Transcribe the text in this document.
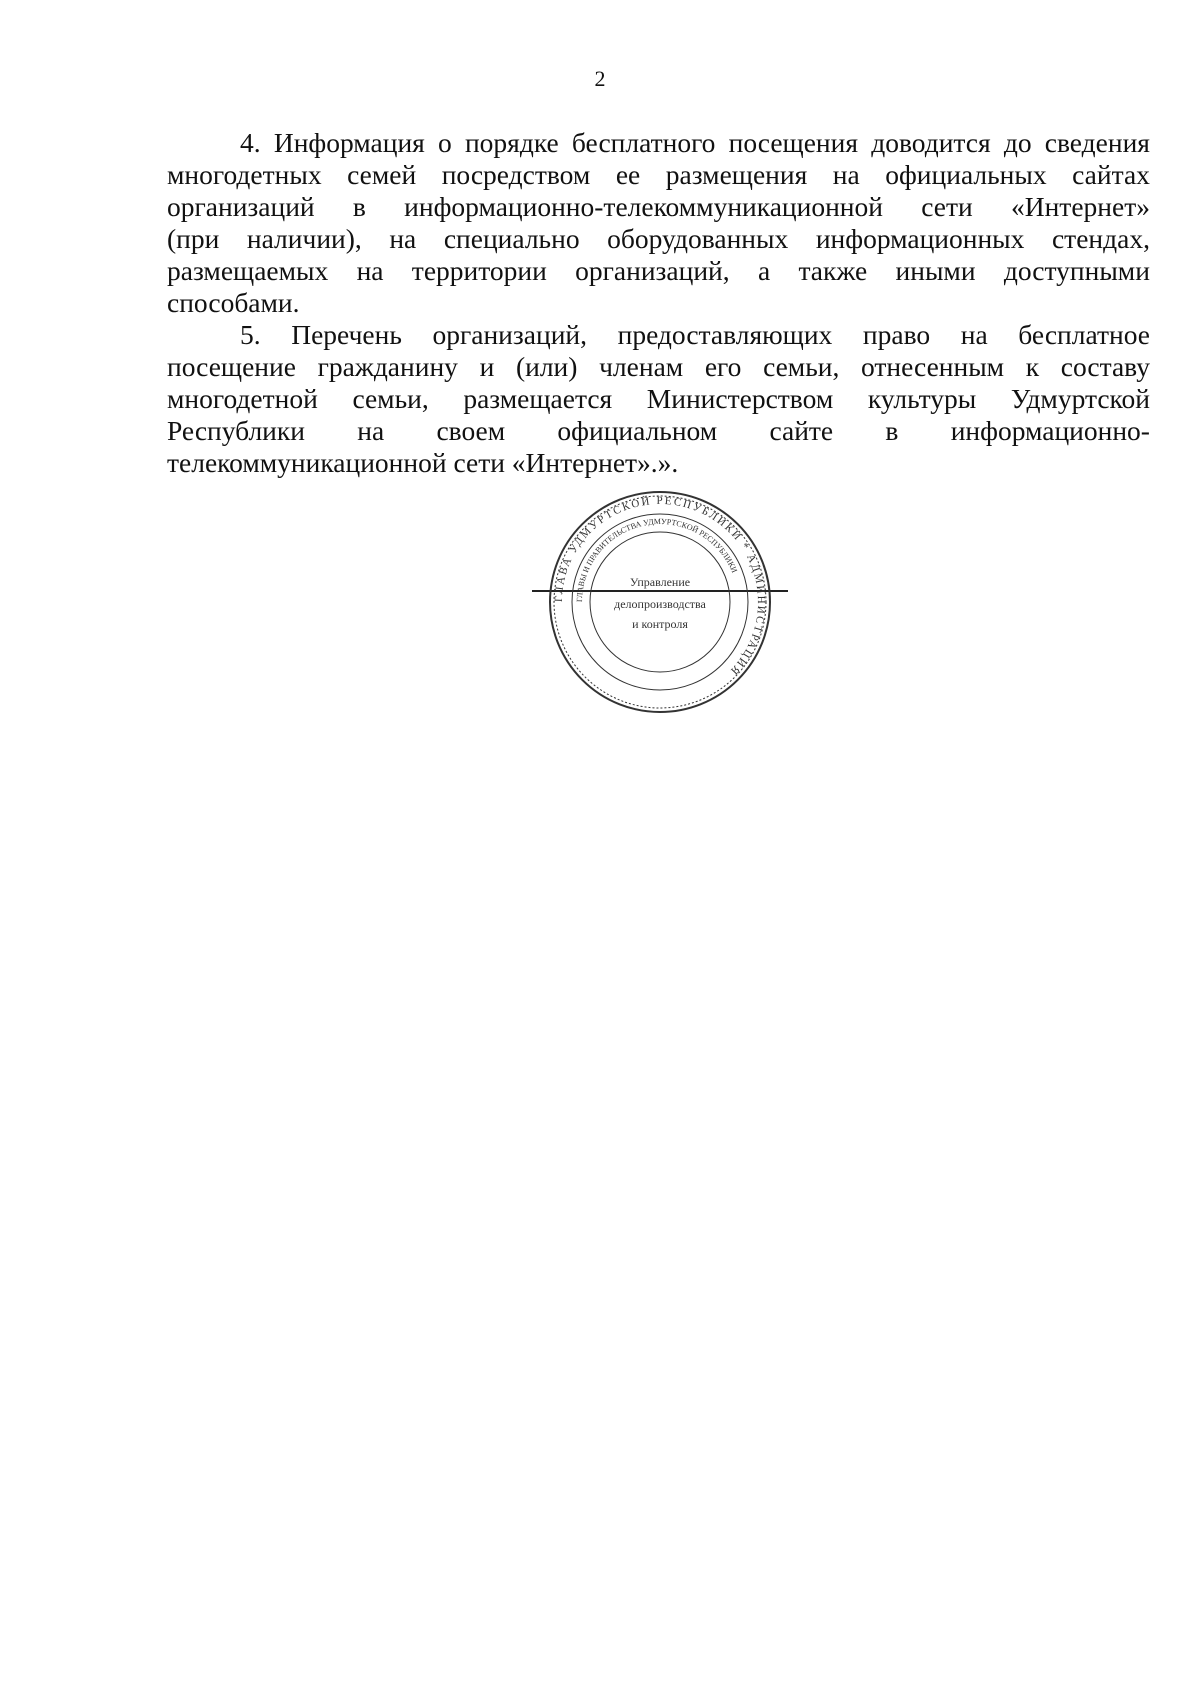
2
4. Информация о порядке бесплатного посещения доводится до сведения
многодетных семей посредством ее размещения на официальных сайтах
организаций в информационно-телекоммуникационной сети «Интернет»
(при наличии), на специально оборудованных информационных стендах,
размещаемых на территории организаций, а также иными доступными
способами.
5. Перечень организаций, предоставляющих право на бесплатное
посещение гражданину и (или) членам его семьи, отнесенным к составу
многодетной семьи, размещается Министерством культуры Удмуртской
Республики на своем официальном сайте в информационно-
телекоммуникационной сети «Интернет».».
ГЛАВА УДМУРТСКОЙ РЕСПУБЛИКИ * АДМИНИСТРАЦИЯ
ГЛАВЫ И ПРАВИТЕЛЬСТВА УДМУРТСКОЙ РЕСПУБЛИКИ
Управление
делопроизводства
и контроля
